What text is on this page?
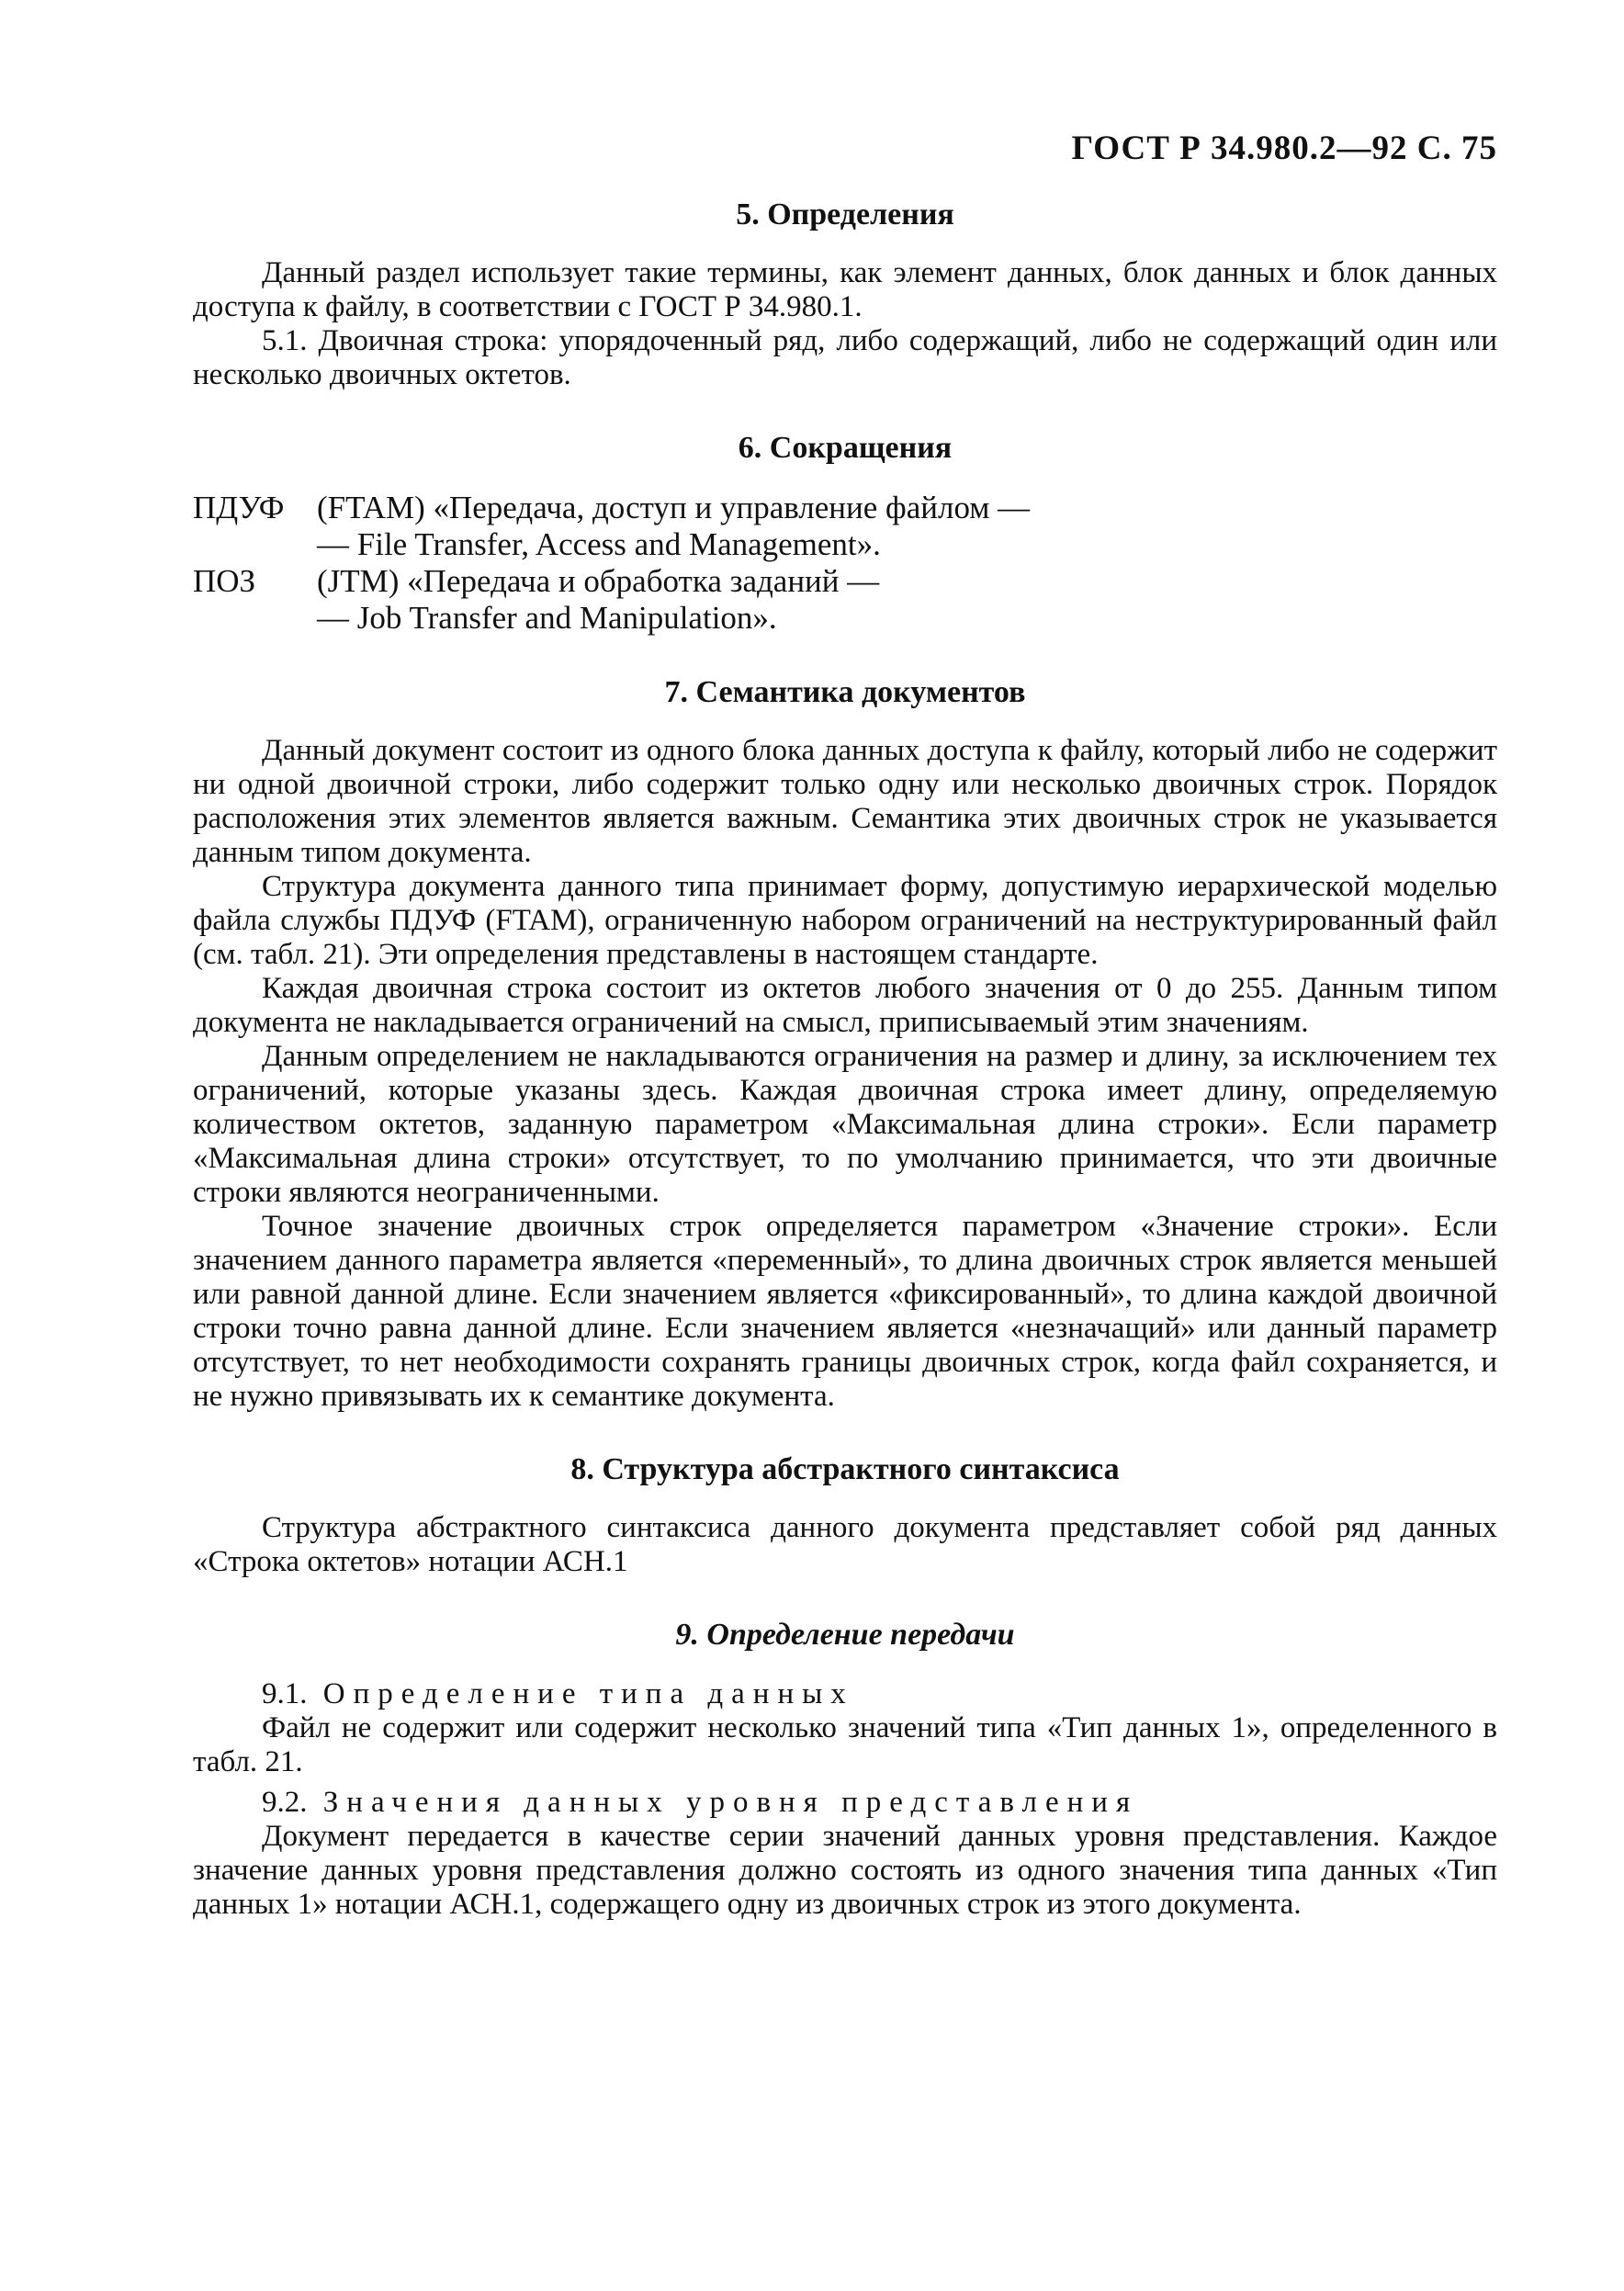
ГОСТ Р 34.980.2—92 С. 75
5. Определения

Данный раздел использует такие термины, как элемент данных, блок данных и блок данных доступа к файлу, в соответствии с ГОСТ Р 34.980.1.

5.1. Двоичная строка: упорядоченный ряд, либо содержащий, либо не содержащий один или несколько двоичных октетов.

6. Сокращения
ПДУФ	(FTAM) «Передача, доступ и управление файлом —
— File Transfer, Access and Management».
ПОЗ	(JTM) «Передача и обработка заданий —
— Job Transfer and Manipulation».
7. Семантика документов

Данный документ состоит из одного блока данных доступа к файлу, который либо не содержит ни одной двоичной строки, либо содержит только одну или несколько двоичных строк. Порядок расположения этих элементов является важным. Семантика этих двоичных строк не указывается данным типом документа.

Структура документа данного типа принимает форму, допустимую иерархической моделью файла службы ПДУФ (FTAM), ограниченную набором ограничений на неструктурированный файл (см. табл. 21). Эти определения представлены в настоящем стандарте.

Каждая двоичная строка состоит из октетов любого значения от 0 до 255. Данным типом документа не накладывается ограничений на смысл, приписываемый этим значениям.

Данным определением не накладываются ограничения на размер и длину, за исключением тех ограничений, которые указаны здесь. Каждая двоичная строка имеет длину, определяемую количеством октетов, заданную параметром «Максимальная длина строки». Если параметр «Максимальная длина строки» отсутствует, то по умолчанию принимается, что эти двоичные строки являются неограниченными.

Точное значение двоичных строк определяется параметром «Значение строки». Если значением данного параметра является «переменный», то длина двоичных строк является меньшей или равной данной длине. Если значением является «фиксированный», то длина каждой двоичной строки точно равна данной длине. Если значением является «незначащий» или данный параметр отсутствует, то нет необходимости сохранять границы двоичных строк, когда файл сохраняется, и не нужно привязывать их к семантике документа.

8. Структура абстрактного синтаксиса

Структура абстрактного синтаксиса данного документа представляет собой ряд данных «Строка октетов» нотации АСН.1

9. Определение передачи
9.1. Определение типа данных

Файл не содержит или содержит несколько значений типа «Тип данных 1», определенного в табл. 21.

9.2. Значения данных уровня представления

Документ передается в качестве серии значений данных уровня представления. Каждое значение данных уровня представления должно состоять из одного значения типа данных «Тип данных 1» нотации АСН.1, содержащего одну из двоичных строк из этого документа.
